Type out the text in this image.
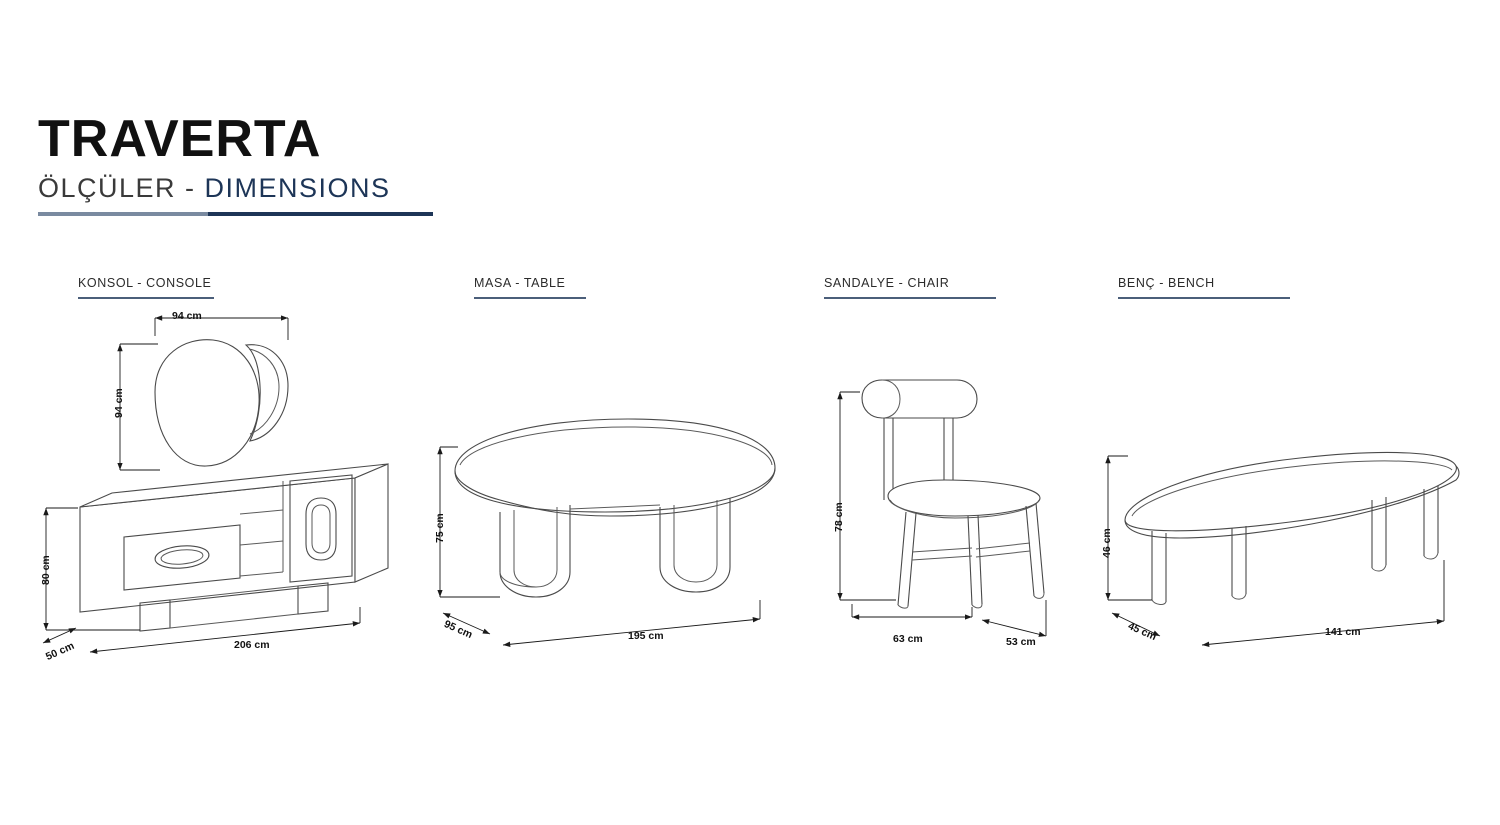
TRAVERTA
ÖLÇÜLER - DIMENSIONS
KONSOL - CONSOLE	MASA - TABLE	SANDALYE - CHAIR	BENÇ - BENCH
94 cm
94 cm
80 cm
50 cm	206 cm
75 cm
95 cm	195 cm
78 cm
63 cm	53 cm
46 cm
45 cm	141 cm
